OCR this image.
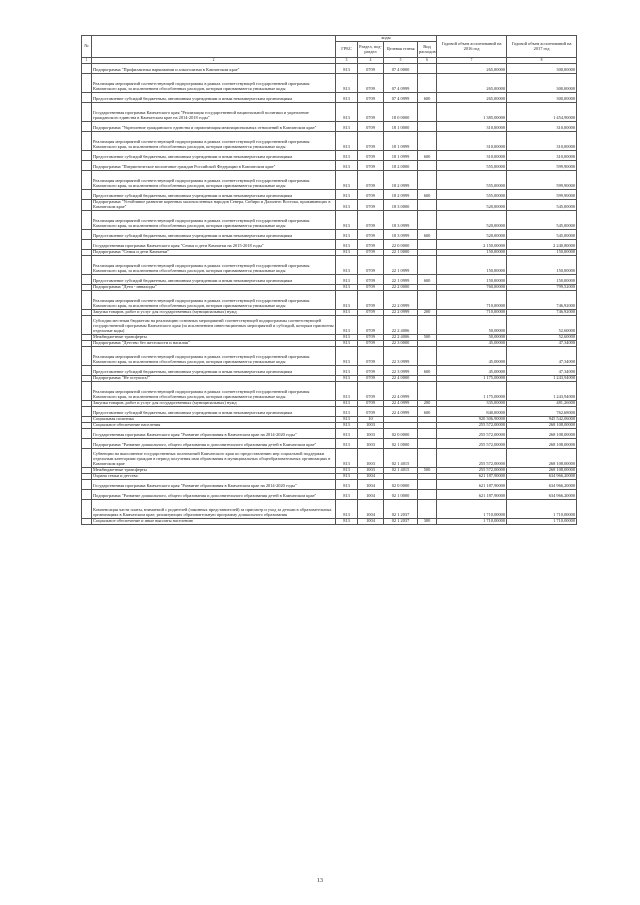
№		коды				Годовой объем ассигнований на 2016 год	Годовой объем ассигнований на 2017 год
		ГРБС	Раздел, под-раздел	Целевая статья	Вид расходов		
1	2	3	4	5	6	7	8
	Подпрограмма "Профилактика наркомании и алкоголизма в Камчатском крае"	813	0709	07 4 0000		265,00000	300,00000
	Реализация мероприятий соответствующей подпрограммы в рамках соответствующей государственной программы Камчатского края, за исключением обособленных расходов, которым присваиваются уникальные коды	813	0709	07 4 0999		265,00000	300,00000
	Предоставление субсидий бюджетным, автономным учреждениям и иным некоммерческим организациям	813	0709	07 4 0999	600	265,00000	300,00000
	Государственная программа Камчатского края "Реализация государственной национальной политики и укрепление гражданского единства в Камчатском крае на 2014-2018 годы"	813	0709	18 0 0000		1 385,00000	1 454,90000
	Подпрограмма "Укрепление гражданского единства и гармонизация межнациональных отношений в Камчатском крае"	813	0709	18 1 0000		310,00000	310,00000
	Реализация мероприятий соответствующей подпрограммы в рамках соответствующей государственной программы Камчатского края, за исключением обособленных расходов, которым присваиваются уникальные коды	813	0709	18 1 0999		310,00000	310,00000
	Предоставление субсидий бюджетным, автономным учреждениям и иным некоммерческим организациям	813	0709	18 1 0999	600	310,00000	310,00000
	Подпрограмма "Патриотическое воспитание граждан Российской Федерации в Камчатском крае"	813	0709	18 2 0000		555,00000	599,90000
	Реализация мероприятий соответствующей подпрограммы в рамках соответствующей государственной программы Камчатского края, за исключением обособленных расходов, которым присваиваются уникальные коды	813	0709	18 2 0999		555,00000	599,90000
	Предоставление субсидий бюджетным, автономным учреждениям и иным некоммерческим организациям	813	0709	18 2 0999	600	555,00000	599,90000
	Подпрограмма "Устойчивое развитие коренных малочисленных народов Севера, Сибири и Дальнего Востока, проживающих в Камчатском крае"	813	0709	18 3 0000		520,00000	545,00000
	Реализация мероприятий соответствующей подпрограммы в рамках соответствующей государственной программы Камчатского края, за исключением обособленных расходов, которым присваиваются уникальные коды	813	0709	18 3 0999		520,00000	545,00000
	Предоставление субсидий бюджетным, автономным учреждениям и иным некоммерческим организациям	813	0709	18 3 0999	600	520,00000	545,00000
	Государственная программа Камчатского края "Семья и дети Камчатки на 2015-2018 годы"	813	0709	22 0 0000		2 150,00000	2 240,80000
	Подпрограмма "Семья и дети Камчатки"	813	0709	22 1 0000		150,00000	150,00000
	Реализация мероприятий соответствующей подпрограммы в рамках соответствующей государственной программы Камчатского края, за исключением обособленных расходов, которым присваиваются уникальные коды	813	0709	22 1 0999		150,00000	150,00000
	Предоставление субсидий бюджетным, автономным учреждениям и иным некоммерческим организациям	813	0709	22 1 0999	600	150,00000	150,00000
	Подпрограмма "Дети - инвалиды"	813	0709	22 2 0000		760,00000	799,52000
	Реализация мероприятий соответствующей подпрограммы в рамках соответствующей государственной программы Камчатского края, за исключением обособленных расходов, которым присваиваются уникальные коды	813	0709	22 2 0999		710,00000	746,92000
	Закупка товаров, работ и услуг для государственных (муниципальных) нужд	813	0709	22 2 0999	200	710,00000	746,92000
	Субсидии местным бюджетам на реализацию основных мероприятий соответствующей подпрограммы соответствующей государственной программы Камчатского края (за исключением инвестиционных мероприятий и субсидий, которым присвоены отдельные коды)	813	0709	22 2 4006		50,00000	52,60000
	Межбюджетные трансферты	813	0709	22 2 4006	500	50,00000	52,60000
	Подпрограмма "Детство без жестокости и насилия"	813	0709	22 3 0000		45,00000	47,34000
	Реализация мероприятий соответствующей подпрограммы в рамках соответствующей государственной программы Камчатского края, за исключением обособленных расходов, которым присваиваются уникальные коды	813	0709	22 3 0999		45,00000	47,34000
	Предоставление субсидий бюджетным, автономным учреждениям и иным некоммерческим организациям	813	0709	22 3 0999	600	45,00000	47,34000
	Подпрограмма "Не оступись!"	813	0709	22 4 0000		1 175,00000	1 243,94000
	Реализация мероприятий соответствующей подпрограммы в рамках соответствующей государственной программы Камчатского края, за исключением обособленных расходов, которым присваиваются уникальные коды	813	0709	22 4 0999		1 175,00000	1 243,94000
	Закупка товаров, работ и услуг для государственных (муниципальных) нужд	813	0709	22 4 0999	200	335,00000	481,26000
	Предоставление субсидий бюджетным, автономным учреждениям и иным некоммерческим организациям	813	0709	22 4 0999	600	840,00000	762,68000
	Социальная политика	813	10			920 306,90000	945 542,06000
	Социальное обеспечение населения	813	1003			255 572,00000	268 108,00000
	Государственная программа Камчатского края "Развитие образования в Камчатском крае на 2014-2020 годы"	813	1003	02 0 0000		255 572,00000	268 108,00000
	Подпрограмма "Развитие дошкольного, общего образования и дополнительного образования детей в Камчатском крае"	813	1003	02 1 0000		255 572,00000	268 108,00000
	Субвенции на выполнение государственных полномочий Камчатского края по предоставлению мер социальной поддержки отдельным категориям граждан в период получения ими образования в муниципальных общеобразовательных организациях в Камчатском крае	813	1003	02 1 4015		255 572,00000	268 108,00000
	Межбюджетные трансферты	813	1003	02 1 4015	500	255 572,00000	268 108,00000
	Охрана семьи и детства	813	1004			621 187,90000	634 966,20000
	Государственная программа Камчатского края "Развитие образования в Камчатском крае на 2014-2020 годы"	813	1004	02 0 0000		621 187,90000	634 966,20000
	Подпрограмма "Развитие дошкольного, общего образования и дополнительного образования детей в Камчатском крае"	813	1004	02 1 0000		621 187,90000	634 966,20000
	Компенсация части платы, взимаемой с родителей (законных представителей) за присмотр и уход за детьми в образовательных организациях в Камчатском крае, реализующих образовательную программу дошкольного образования	813	1004	02 1 2037		1 710,00000	1 710,00000
	Социальное обеспечение и иные выплаты населению	813	1004	02 1 2037	300	1 710,00000	1 710,00000
13
